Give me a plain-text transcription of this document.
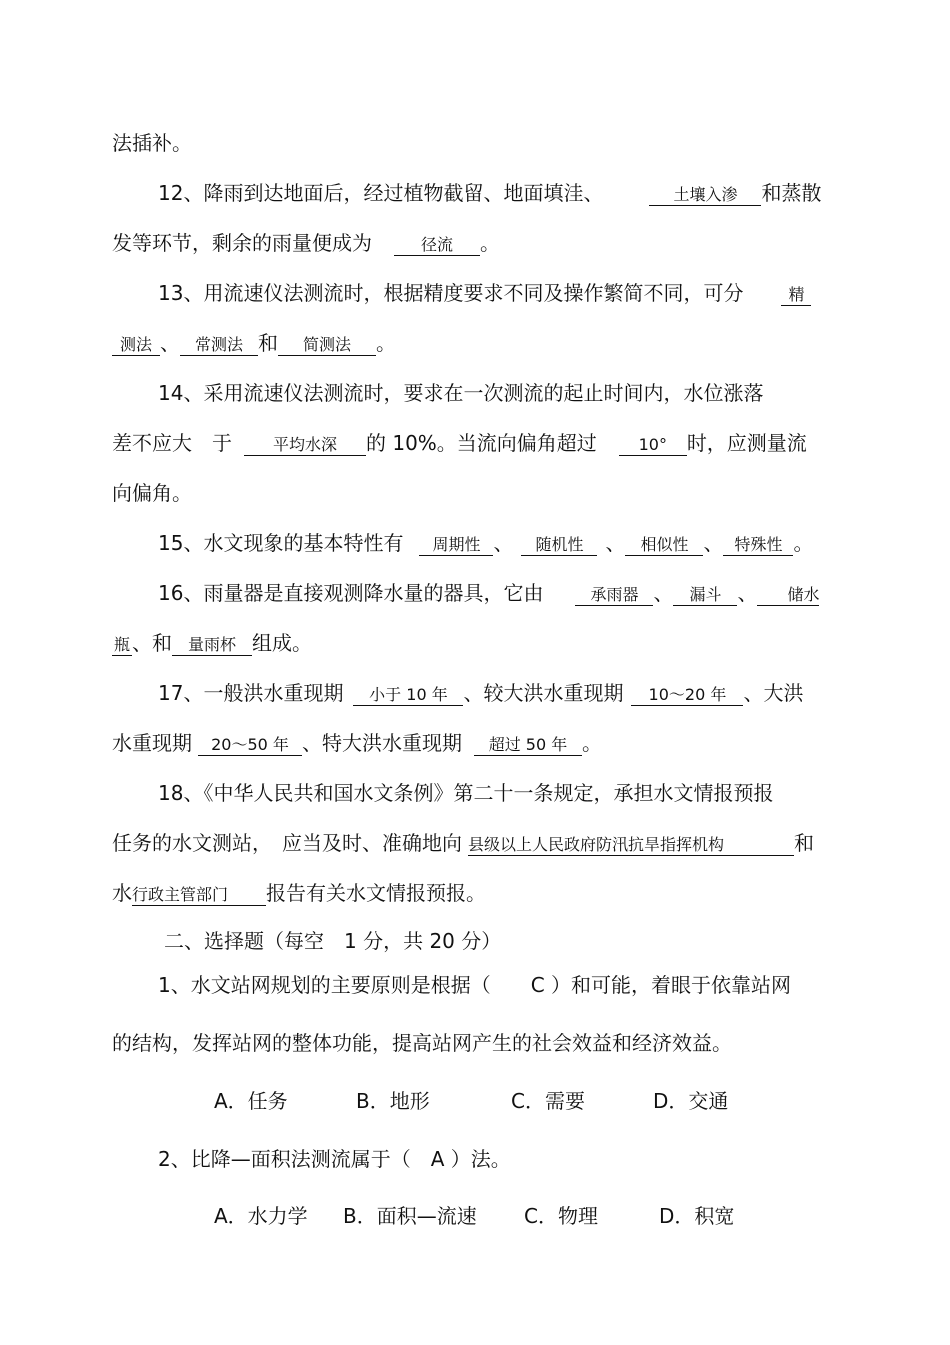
法插补。
12、降雨到达地面后，经过植物截留、地面填洼、	土壤入渗 和蒸散
发等环节，剩余的雨量便成为	径流 。
13、用流速仪法测流时，根据精度要求不同及操作繁简不同，可分	精
测法 、 常测法 和 简测法 。
14、采用流速仪法测流时，要求在一次测流的起止时间内，水位涨落
差不应大　于	平均水深 的 10%。当流向偏角超过	10° 时，应测量流
向偏角。
15、水文现象的基本特性有 周期性 、 随机性 、 相似性 、 特殊性 。
16、雨量器是直接观测降水量的器具，它由	承雨器 、 漏斗 、 储水
瓶 、和 量雨杯 组成。
17、一般洪水重现期 小于 10 年 、较大洪水重现期 10～20 年 、大洪
水重现期 20～50 年 、特大洪水重现期 超过 50 年 。
18、《中华人民共和国水文条例》第二十一条规定，承担水文情报预报
任务的水文测站，　应当及时、准确地向 县级以上人民政府防汛抗旱指挥机构	和
水行政主管部门 报告有关水文情报预报。
二、选择题（每空　1 分，共 20 分）
1、水文站网规划的主要原则是根据（　　C ）和可能，着眼于依靠站网
的结构，发挥站网的整体功能，提高站网产生的社会效益和经济效益。
A．任务	B．地形	C．需要	D．交通
2、比降—面积法测流属于（　A ）法。
A．水力学 B．面积—流速 C．物理	D．积宽
